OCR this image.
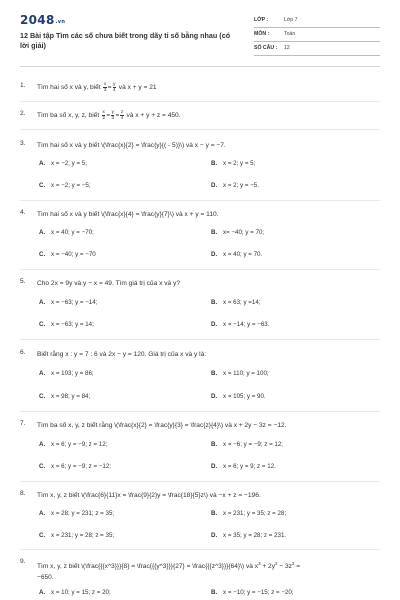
$2048^{.vn}$
12 Bài tập Tìm các số chưa biết trong dãy tỉ số bằng nhau (có lời giải)
LỚP :	Lớp 7
MÔN :	Toán
SỐ CÂU : 12
1.	Tìm hai số x và y, biết $\frac{x}{3} = \frac{y}{4}$ và x + y = 21
2.	Tìm ba số x, y, z, biết $\frac{x}{2} = \frac{y}{3} = \frac{z}{4}$ và x + y + z = 450.
3.	Tìm hai số x và y biết \(\frac{x}{2} = \frac{y}{( - 5)}\) và x − y = −7.
A. x = −2; y = 5;	B. x = 2; y = 5;
C. x = −2; y = −5;	D. x = 2; y = −5.
4.	Tìm hai số x và y biết \(\frac{x}{4} = \frac{y}{7}\) và x + y = 110.
A. x = 40; y = −70;	B. x= −40; y = 70;
C. x = −40; y = −70	D. x = 40; y = 70.
5.	Cho 2x = 9y và y − x = 49. Tìm giá trị của x và y?
A. x = −63; y = −14;	B. x = 63; y =14;
C. x = −63; y = 14;	D. x = −14; y = −63.
6.	Biết rằng x : y = 7 : 6 và 2x − y = 120. Giá trị của x và y là:
A. x = 103; y = 86;	B. x = 110; y = 100;
C. x = 98; y = 84;	D. x = 105; y = 90.
7.	Tìm ba số x, y, z biết rằng \(\frac{x}{2} = \frac{y}{3} = \frac{z}{4}\) và x + 2y − 3z = −12.
A. x = 6; y = −9; z = 12;	B. x = −6; y = −9; z = 12;
C. x = 6; y = −9; z = −12;	D. x = 6; y = 9; z = 12.
8.	Tìm x, y, z biết \(\frac{6}{11}x = \frac{9}{2}y = \frac{18}{5}z\) và −x + z = −196.
A. x = 28; y = 231; z = 35;	B. x = 231; y = 35; z = 28;
C. x = 231; y = 28; z = 35;	D. x = 35; y = 28; z = 231.
9.
Tìm x, y, z biết \(\frac{{{x^3}}}{8} = \frac{{{y^3}}}{27} = \frac{{{z^3}}}{64}\) và $x^3 + 2y^2 - 3z^2$ =
−650.
A. x = 10; y = 15; z = 20;	B. x = −10; y = −15; z = −20;
